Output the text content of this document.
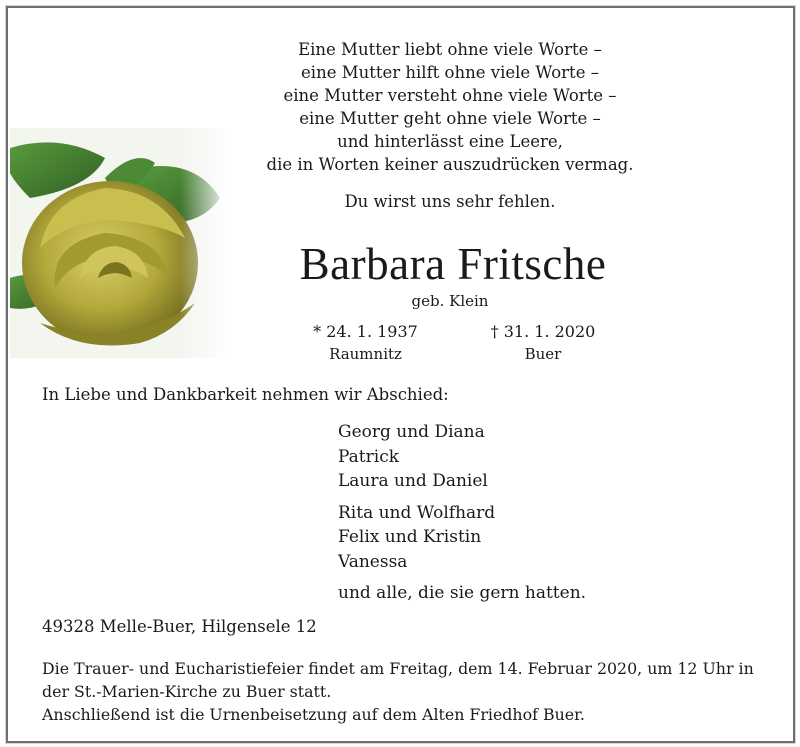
Eine Mutter liebt ohne viele Worte –
eine Mutter hilft ohne viele Worte –
eine Mutter versteht ohne viele Worte –
eine Mutter geht ohne viele Worte –
und hinterlässt eine Leere,
die in Worten keiner auszudrücken vermag.
Du wirst uns sehr fehlen.
Barbara Fritsche
geb. Klein
* 24. 1. 1937
Raumnitz
† 31. 1. 2020
Buer
In Liebe und Dankbarkeit nehmen wir Abschied:
Georg und Diana
Patrick
Laura und Daniel
Rita und Wolfhard
Felix und Kristin
Vanessa
und alle, die sie gern hatten.
49328 Melle-Buer, Hilgensele 12
Die Trauer- und Eucharistiefeier findet am Freitag, dem 14. Februar 2020, um 12 Uhr in
der St.-Marien-Kirche zu Buer statt.
Anschließend ist die Urnenbeisetzung auf dem Alten Friedhof Buer.
